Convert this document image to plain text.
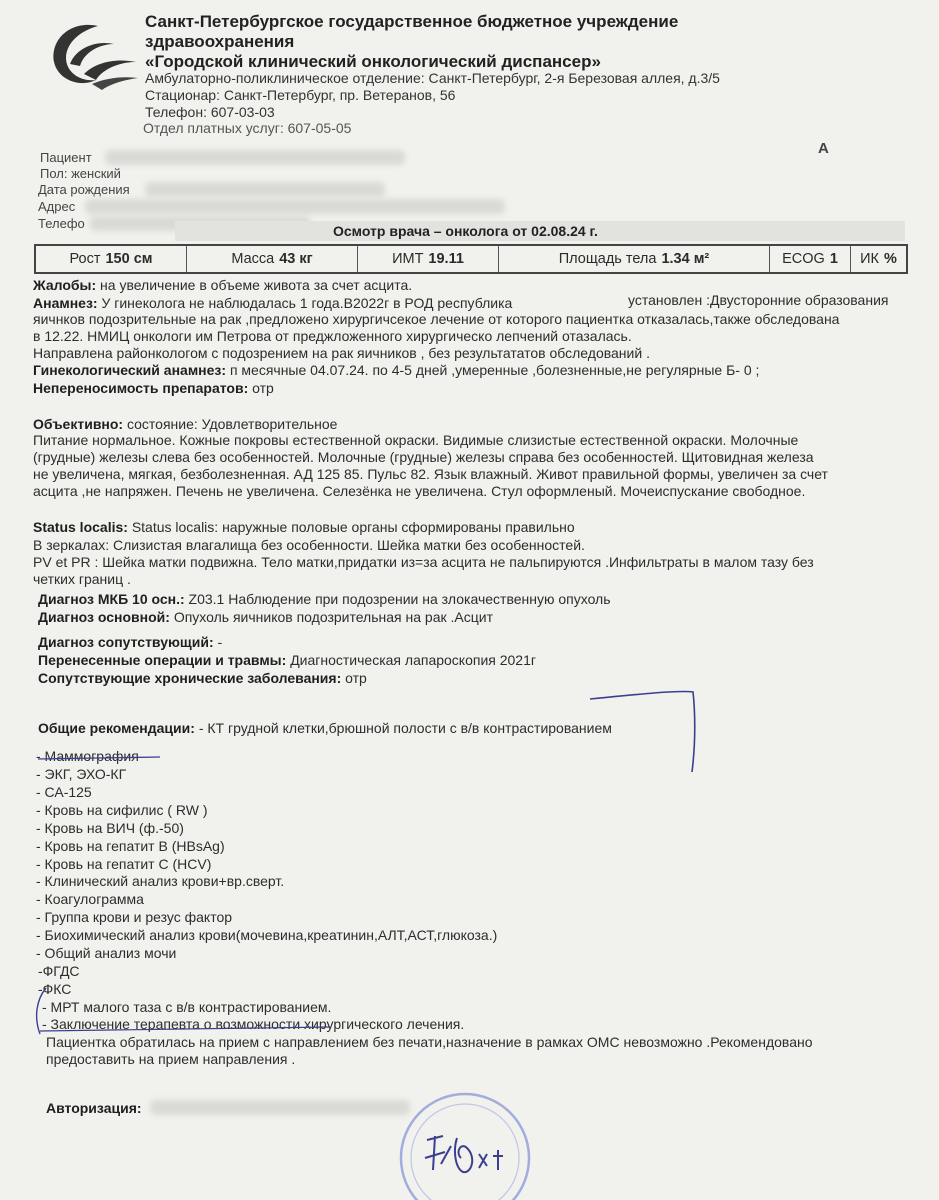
Санкт-Петербургское государственное бюджетное учреждение
здравоохранения
«Городской клинический онкологический диспансер»
Амбулаторно-поликлиническое отделение: Санкт-Петербург, 2-я Березовая аллея, д.3/5
Стационар: Санкт-Петербург, пр. Ветеранов, 56
Телефон: 607-03-03
Отдел платных услуг: 607-05-05
A
Пациент
Пол: женский
Дата рождения
Адрес
Телефо	Осмотр врача – онколога от 02.08.24 г.
Рост 150 см	Масса 43 кг	ИМТ 19.11	Площадь тела 1.34 м²	ECOG 1 ИК %
Жалобы: на увеличение в объеме живота за счет асцита.
Анамнез: У гинеколога не наблюдалась 1 года.В2022г в РОД республика	установлен :Двусторонние образования
яичнков подозрительные на рак ,предложено хирургичсекое лечение от которого пациентка отказалась,также обследована
в 12.22. НМИЦ онкологи им Петрова от преджложенного хирургическо лепчений отазалась.
Направлена районкологом с подозрением на рак яичников , без результататов обследований .
Гинекологический анамнез: п месячные 04.07.24. по 4-5 дней ,умеренные ,болезненные,не регулярные Б- 0 ;
Непереносимость препаратов: отр
Объективно: состояние: Удовлетворительное
Питание нормальное. Кожные покровы естественной окраски. Видимые слизистые естественной окраски. Молочные
(грудные) железы слева без особенностей. Молочные (грудные) железы справа без особенностей. Щитовидная железа
не увеличена, мягкая, безболезненная. АД 125 85. Пульс 82. Язык влажный. Живот правильной формы, увеличен за счет
асцита ,не напряжен. Печень не увеличена. Селезёнка не увеличена. Стул оформленый. Мочеиспускание свободное.
Status localis: Status localis: наружные половые органы сформированы правильно
В зеркалах: Слизистая влагалища без особенности. Шейка матки без особенностей.
PV et PR : Шейка матки подвижна. Тело матки,придатки из=за асцита не пальпируются .Инфильтраты в малом тазу без
четких границ .
Диагноз МКБ 10 осн.: Z03.1 Наблюдение при подозрении на злокачественную опухоль
Диагноз основной: Опухоль яичников подозрительная на рак .Асцит
Диагноз сопутствующий: -
Перенесенные операции и травмы: Диагностическая лапароскопия 2021г
Сопутствующие хронические заболевания: отр
Общие рекомендации: - КТ грудной клетки,брюшной полости с в/в контрастированием
- Маммография
- ЭКГ, ЭХО-КГ
- СА-125
- Кровь на сифилис ( RW )
- Кровь на ВИЧ (ф.-50)
- Кровь на гепатит В (HBsAg)
- Кровь на гепатит С (HCV)
- Клинический анализ крови+вр.сверт.
- Коагулограмма
- Группа крови и резус фактор
- Биохимический анализ крови(мочевина,креатинин,АЛТ,АСТ,глюкоза.)
- Общий анализ мочи
-ФГДС
-ФКС
- МРТ малого таза с в/в контрастированием.
- Заключение терапевта о возможности хирургического лечения.
Пациентка обратилась на прием с направлением без печати,назначение в рамках ОМС невозможно .Рекомендовано
предоставить на прием направления .
Авторизация:
